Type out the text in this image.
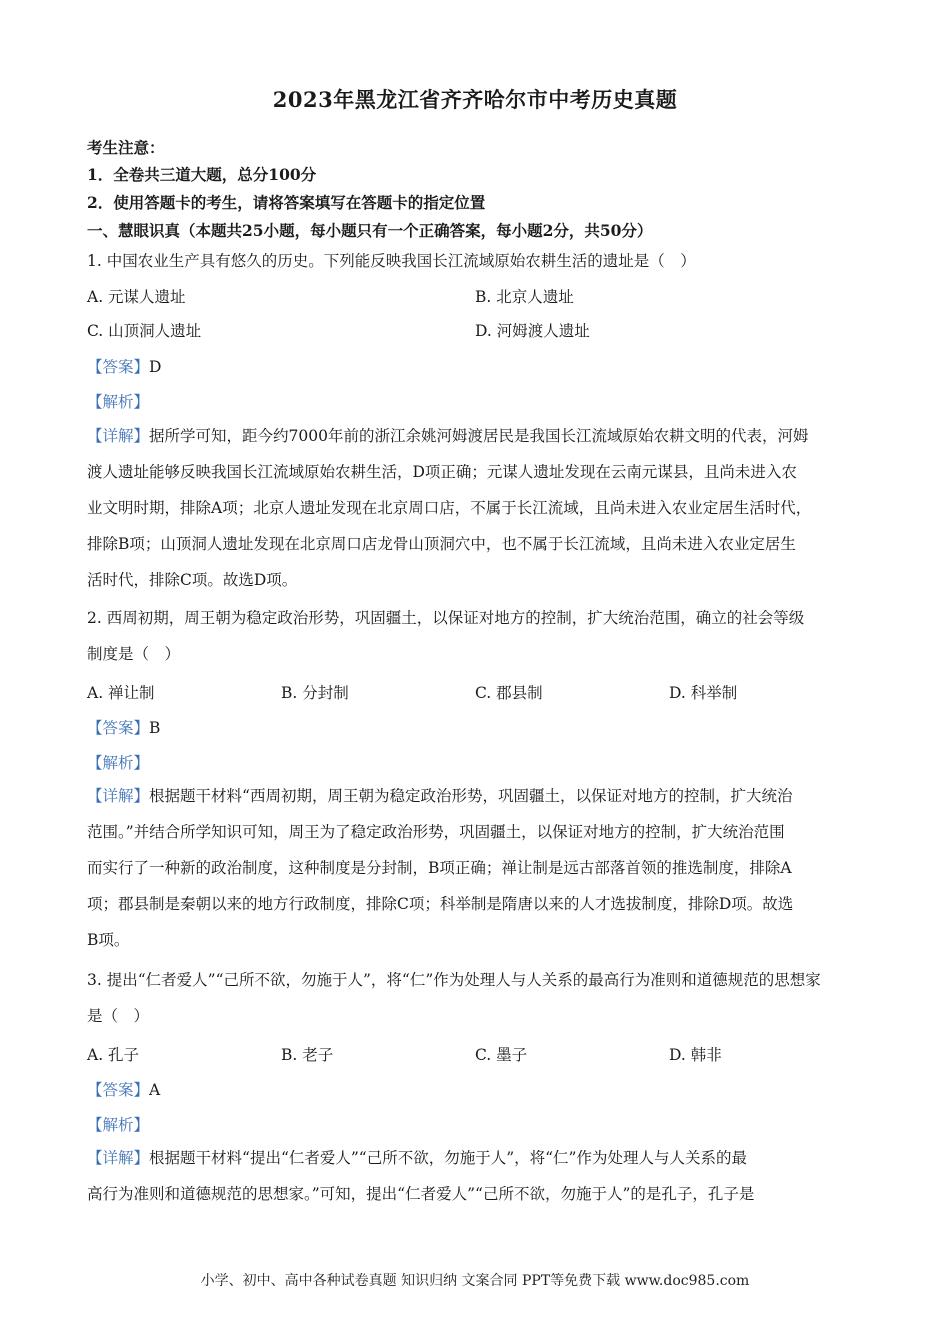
2023年黑龙江省齐齐哈尔市中考历史真题
考生注意：
1．全卷共三道大题，总分100分
2．使用答题卡的考生，请将答案填写在答题卡的指定位置
一、慧眼识真（本题共25小题，每小题只有一个正确答案，每小题2分，共50分）
1. 中国农业生产具有悠久的历史。下列能反映我国长江流域原始农耕生活的遗址是（　）
A. 元谋人遗址	B. 北京人遗址
C. 山顶洞人遗址	D. 河姆渡人遗址
【答案】D
【解析】
【详解】据所学可知，距今约7000年前的浙江余姚河姆渡居民是我国长江流域原始农耕文明的代表，河姆
渡人遗址能够反映我国长江流域原始农耕生活，D项正确；元谋人遗址发现在云南元谋县，且尚未进入农
业文明时期，排除A项；北京人遗址发现在北京周口店，不属于长江流域，且尚未进入农业定居生活时代，
排除B项；山顶洞人遗址发现在北京周口店龙骨山顶洞穴中，也不属于长江流域，且尚未进入农业定居生
活时代，排除C项。故选D项。
2. 西周初期，周王朝为稳定政治形势，巩固疆土，以保证对地方的控制，扩大统治范围，确立的社会等级
制度是（　）
A. 禅让制	B. 分封制	C. 郡县制	D. 科举制
【答案】B
【解析】
【详解】根据题干材料“西周初期，周王朝为稳定政治形势，巩固疆土，以保证对地方的控制，扩大统治
范围。”并结合所学知识可知，周王为了稳定政治形势，巩固疆土，以保证对地方的控制，扩大统治范围
而实行了一种新的政治制度，这种制度是分封制，B项正确；禅让制是远古部落首领的推选制度，排除A
项；郡县制是秦朝以来的地方行政制度，排除C项；科举制是隋唐以来的人才选拔制度，排除D项。故选
B项。
3. 提出“仁者爱人”“己所不欲，勿施于人”，将“仁”作为处理人与人关系的最高行为准则和道德规范的思想家
是（　）
A. 孔子	B. 老子	C. 墨子	D. 韩非
【答案】A
【解析】
【详解】根据题干材料“提出“仁者爱人”“己所不欲，勿施于人”，将“仁”作为处理人与人关系的最
高行为准则和道德规范的思想家。”可知，提出“仁者爱人”“己所不欲，勿施于人”的是孔子，孔子是
小学、初中、高中各种试卷真题 知识归纳 文案合同 PPT等免费下载 www.doc985.com
